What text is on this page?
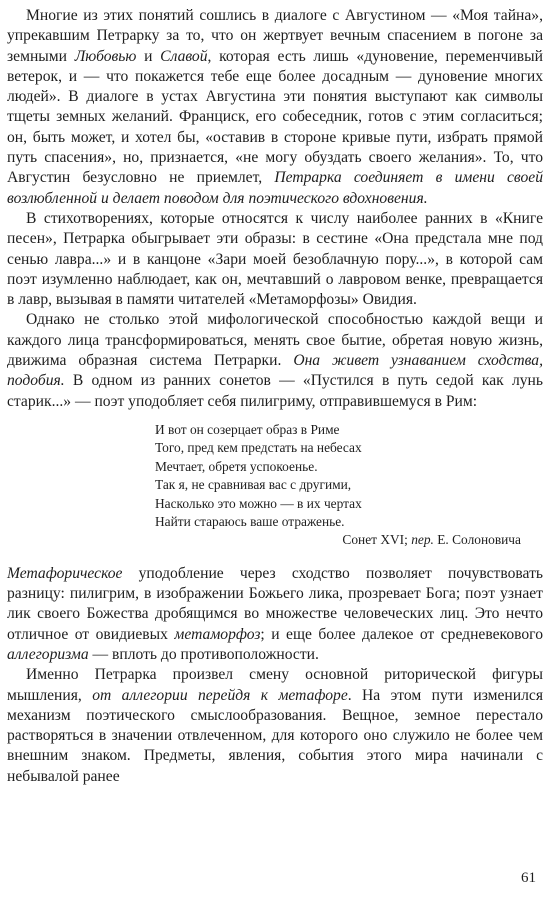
Многие из этих понятий сошлись в диалоге с Августином — «Моя тайна», упрекавшим Петрарку за то, что он жертвует вечным спасением в погоне за земными Любовью и Славой, которая есть лишь «дуновение, переменчивый ветерок, и — что покажется тебе еще более досадным — дуновение многих людей». В диалоге в устах Августина эти понятия выступают как символы тщеты земных желаний. Франциск, его собеседник, готов с этим согласиться; он, быть может, и хотел бы, «оставив в стороне кривые пути, избрать прямой путь спасения», но, признается, «не могу обуздать своего желания». То, что Августин безусловно не приемлет, Петрарка соединяет в имени своей возлюбленной и делает поводом для поэтического вдохновения.

В стихотворениях, которые относятся к числу наиболее ранних в «Книге песен», Петрарка обыгрывает эти образы: в сестине «Она предстала мне под сенью лавра...» и в канцоне «Зари моей безоблачную пору...», в которой сам поэт изумленно наблюдает, как он, мечтавший о лавровом венке, превращается в лавр, вызывая в памяти читателей «Метаморфозы» Овидия.

Однако не столько этой мифологической способностью каждой вещи и каждого лица трансформироваться, менять свое бытие, обретая новую жизнь, движима образная система Петрарки. Она живет узнаванием сходства, подобия. В одном из ранних сонетов — «Пустился в путь седой как лунь старик...» — поэт уподобляет себя пилигриму, отправившемуся в Рим:

И вот он созерцает образ в Риме
Того, пред кем предстать на небесах
Мечтает, обретя успокоенье.
Так я, не сравнивая вас с другими,
Насколько это можно — в их чертах
Найти стараюсь ваше отраженье.
Сонет XVI; пер. Е. Солоновича

Метафорическое уподобление через сходство позволяет почувствовать разницу: пилигрим, в изображении Божьего лика, прозревает Бога; поэт узнает лик своего Божества дробящимся во множестве человеческих лиц. Это нечто отличное от овидиевых метаморфоз; и еще более далекое от средневекового аллегоризма — вплоть до противоположности.

Именно Петрарка произвел смену основной риторической фигуры мышления, от аллегории перейдя к метафоре. На этом пути изменился механизм поэтического смыслообразования. Вещное, земное перестало растворяться в значении отвлеченном, для которого оно служило не более чем внешним знаком. Предметы, явления, события этого мира начинали с небывалой ранее

61
